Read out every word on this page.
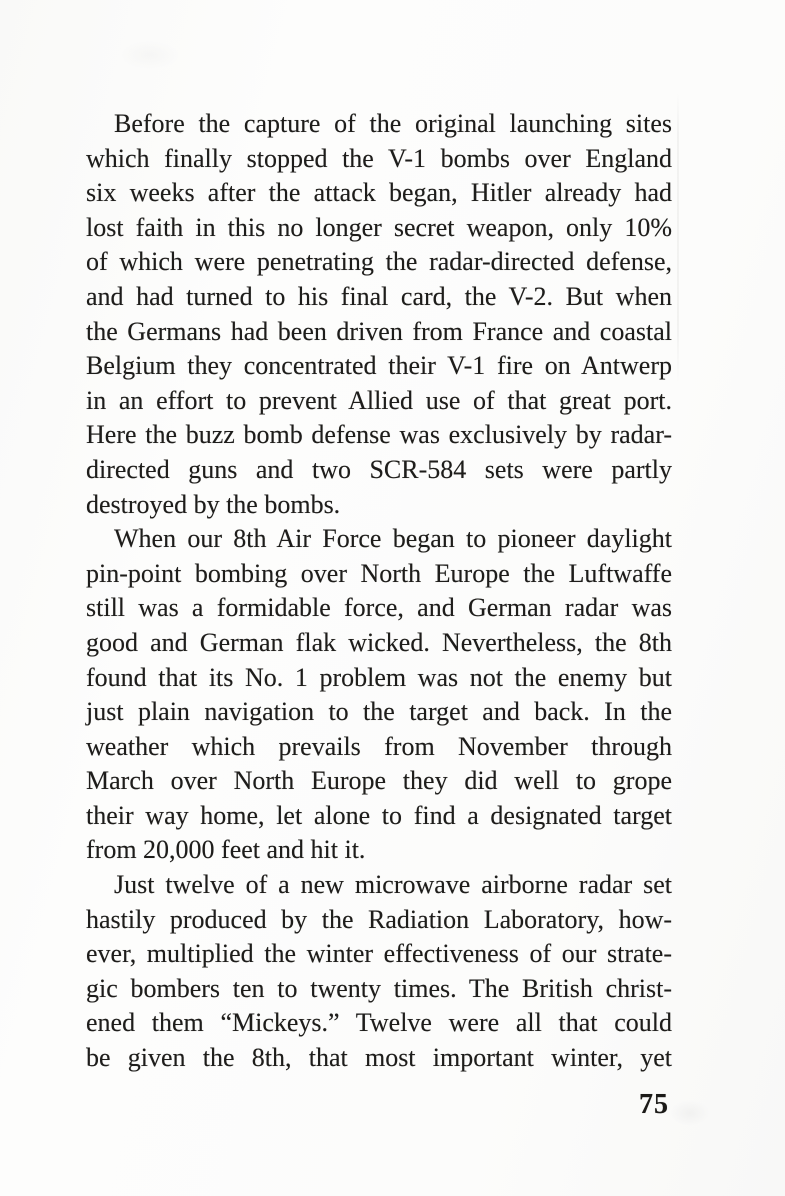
Before the capture of the original launching sites
which finally stopped the V-1 bombs over England
six weeks after the attack began, Hitler already had
lost faith in this no longer secret weapon, only 10%
of which were penetrating the radar-directed defense,
and had turned to his final card, the V-2. But when
the Germans had been driven from France and coastal
Belgium they concentrated their V-1 fire on Antwerp
in an effort to prevent Allied use of that great port.
Here the buzz bomb defense was exclusively by radar-
directed guns and two SCR-584 sets were partly
destroyed by the bombs.
When our 8th Air Force began to pioneer daylight
pin-point bombing over North Europe the Luftwaffe
still was a formidable force, and German radar was
good and German flak wicked. Nevertheless, the 8th
found that its No. 1 problem was not the enemy but
just plain navigation to the target and back. In the
weather which prevails from November through
March over North Europe they did well to grope
their way home, let alone to find a designated target
from 20,000 feet and hit it.
Just twelve of a new microwave airborne radar set
hastily produced by the Radiation Laboratory, how-
ever, multiplied the winter effectiveness of our strate-
gic bombers ten to twenty times. The British christ-
ened them “Mickeys.” Twelve were all that could
be given the 8th, that most important winter, yet
75
